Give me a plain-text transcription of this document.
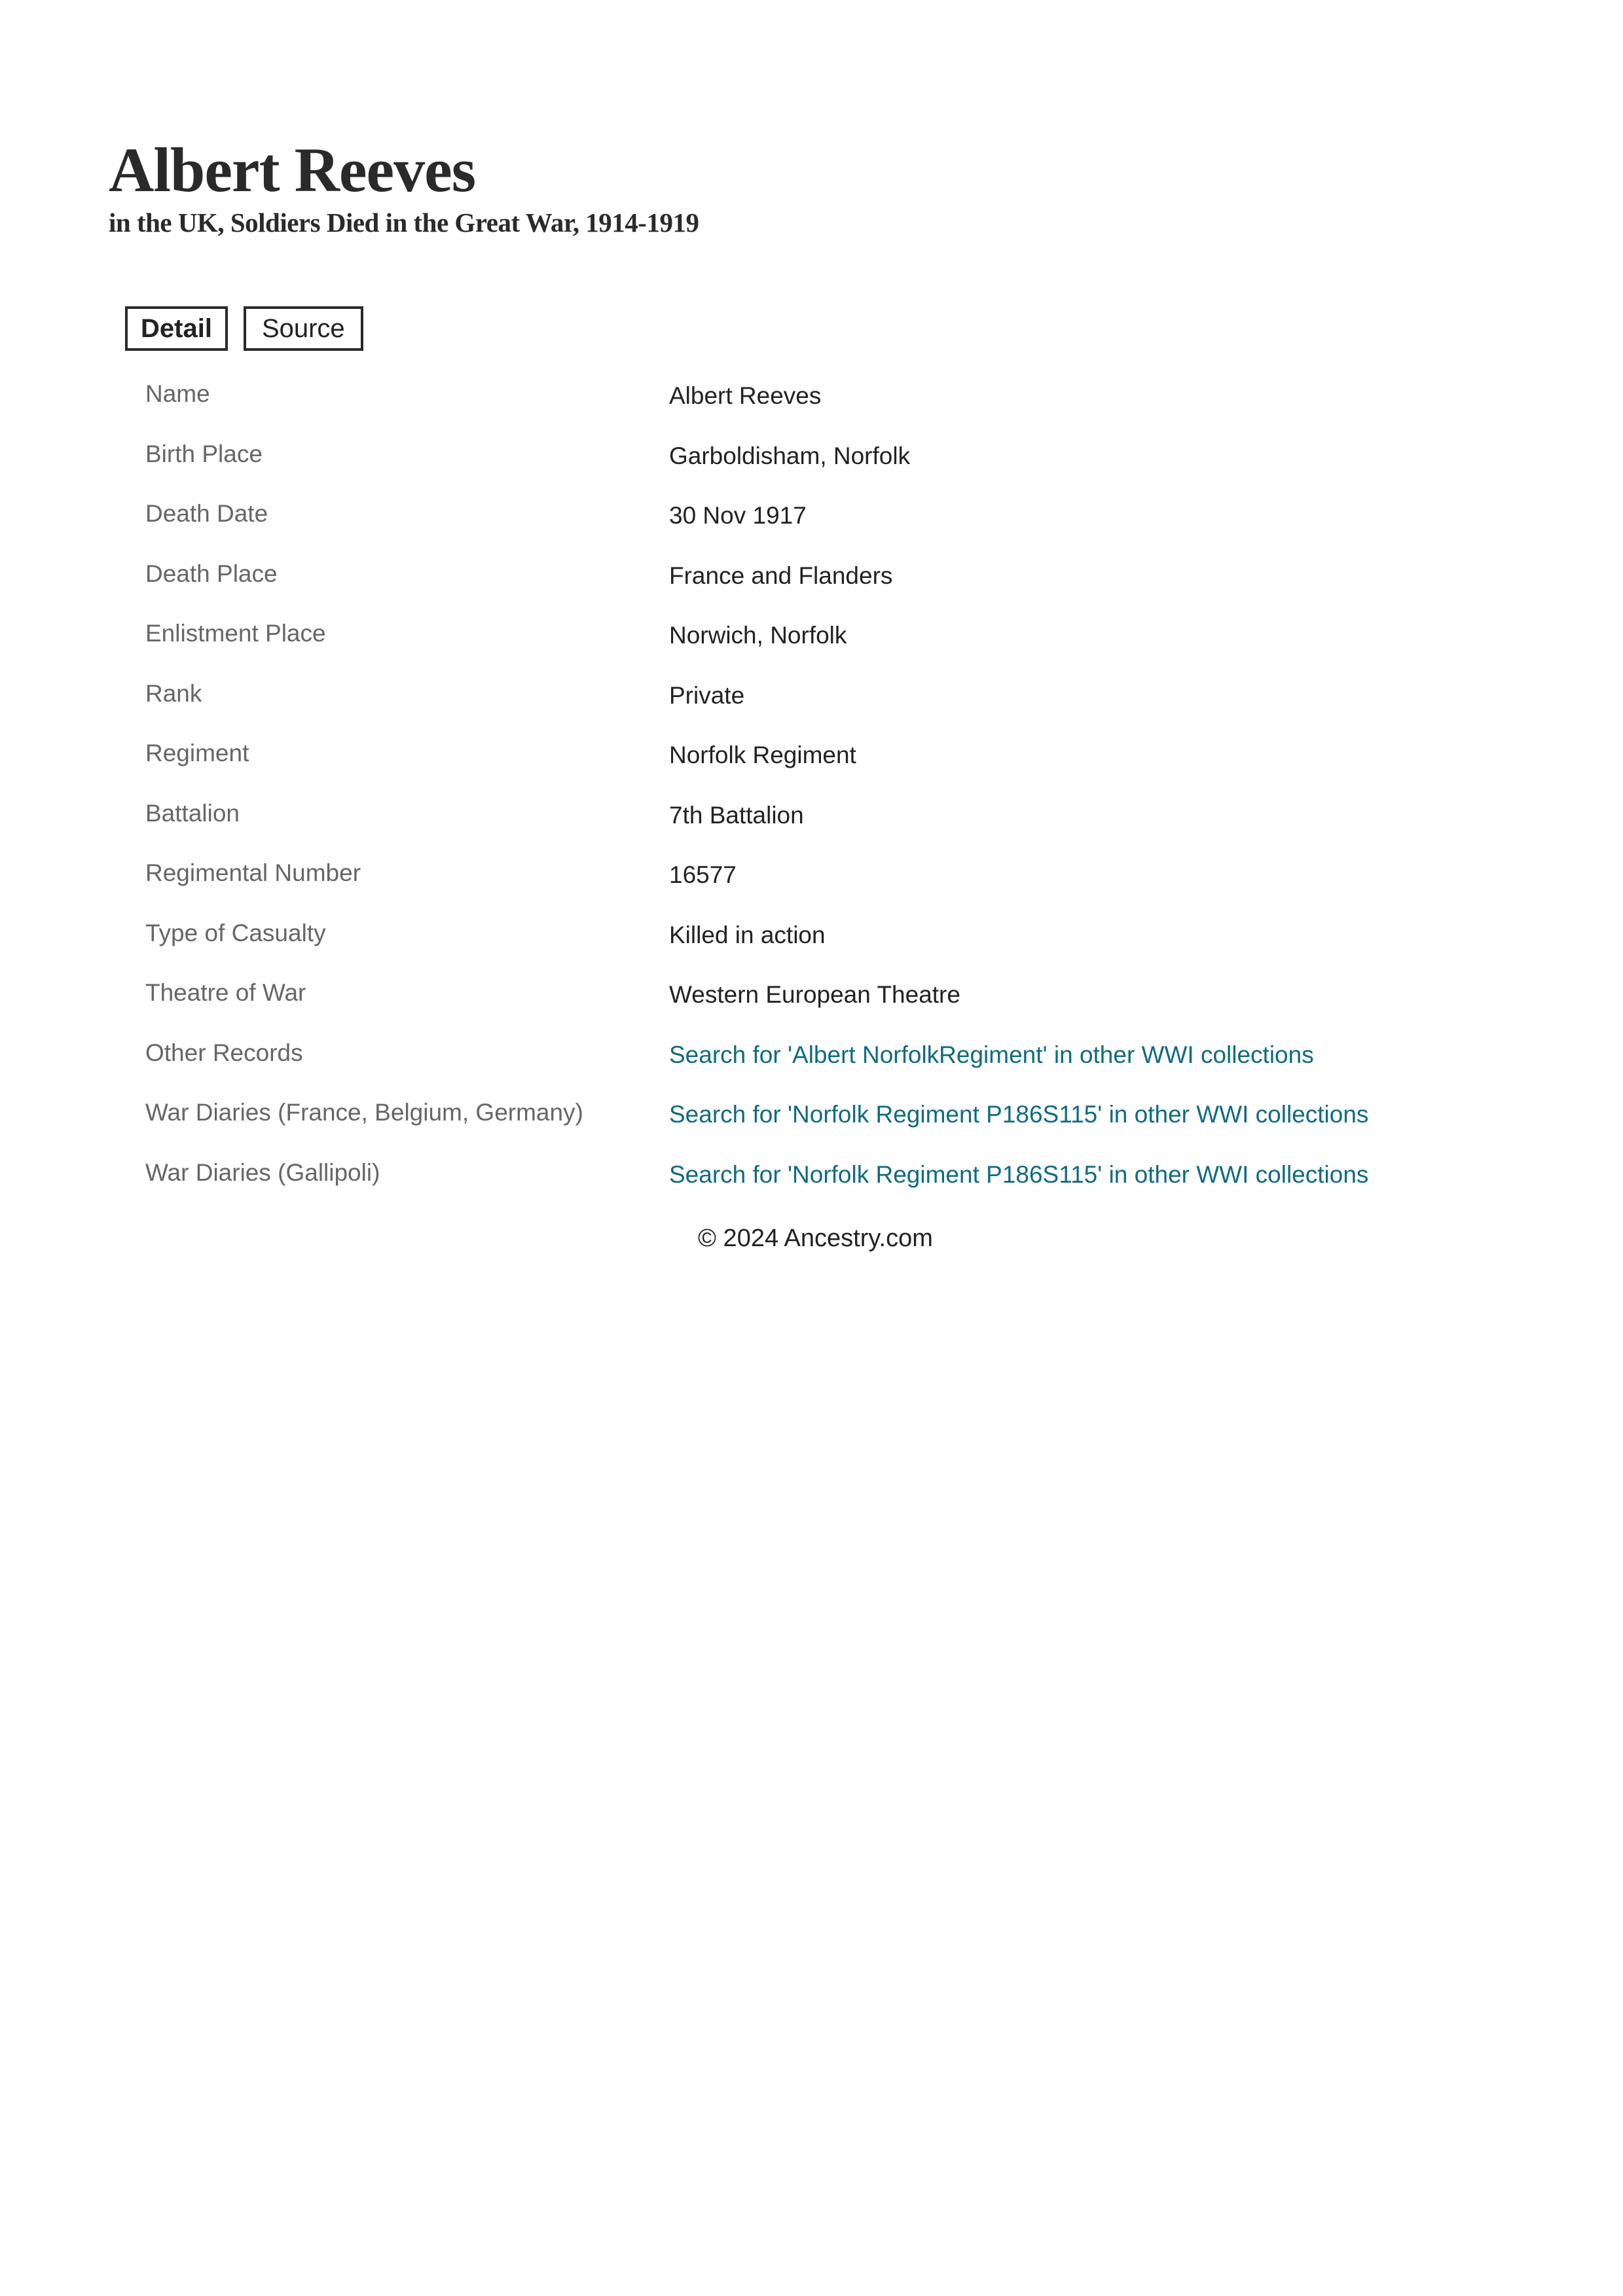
Albert Reeves
in the UK, Soldiers Died in the Great War, 1914-1919
Detail	Source
Name	Albert Reeves
Birth Place	Garboldisham, Norfolk
Death Date	30 Nov 1917
Death Place	France and Flanders
Enlistment Place	Norwich, Norfolk
Rank	Private
Regiment	Norfolk Regiment
Battalion	7th Battalion
Regimental Number	16577
Type of Casualty	Killed in action
Theatre of War	Western European Theatre
Other Records	Search for 'Albert NorfolkRegiment' in other WWI collections
War Diaries (France, Belgium, Germany)	Search for 'Norfolk Regiment P186S115' in other WWI collections
War Diaries (Gallipoli)	Search for 'Norfolk Regiment P186S115' in other WWI collections
© 2024 Ancestry.com
